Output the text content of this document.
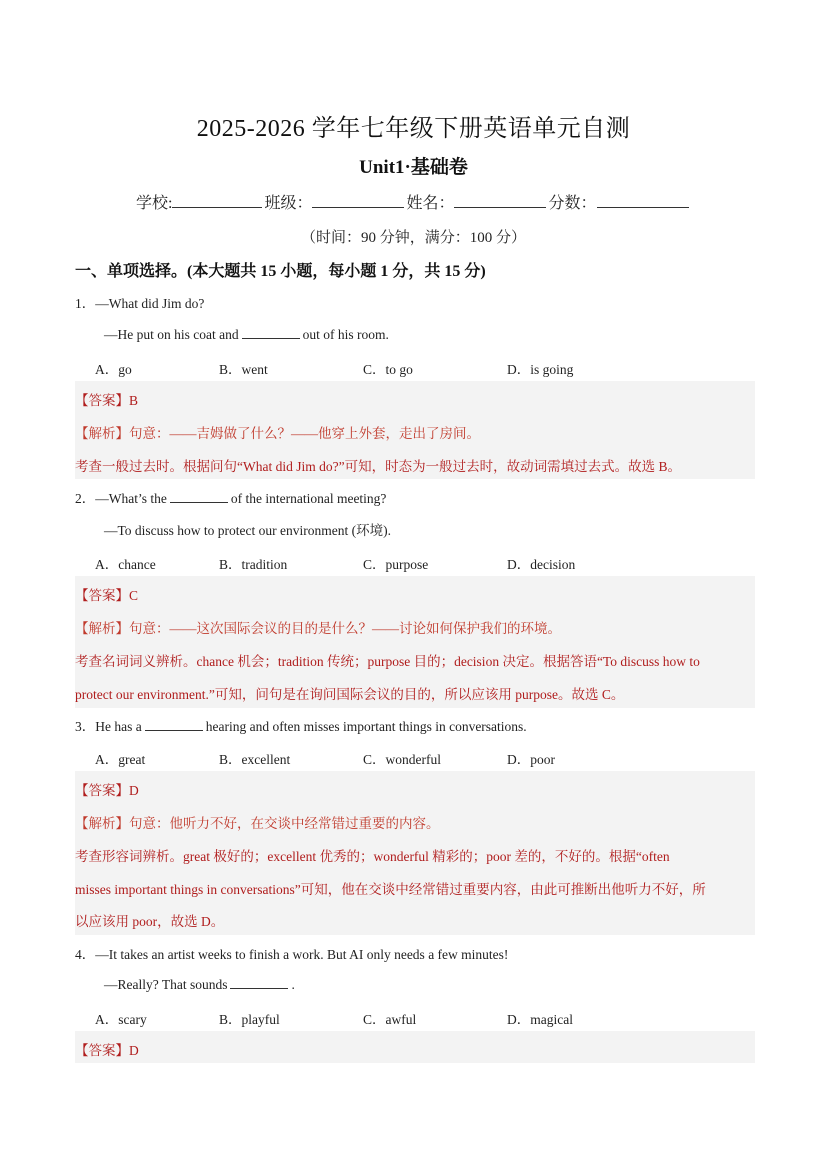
2025-2026 学年七年级下册英语单元自测
Unit1·基础卷
学校:	班级：	姓名：	分数：
（时间：90 分钟，满分：100 分）
一、单项选择。(本大题共 15 小题，每小题 1 分，共 15 分)
1．—What did Jim do?
—He put on his coat and	out of his room.
A．go	B．went	C．to go	D．is going
【答案】B
【解析】句意：——吉姆做了什么？——他穿上外套，走出了房间。
考查一般过去时。根据问句“What did Jim do?”可知，时态为一般过去时，故动词需填过去式。故选 B。
2．—What’s the	of the international meeting?
—To discuss how to protect our environment (环境).
A．chance	B．tradition	C．purpose	D．decision
【答案】C
【解析】句意：——这次国际会议的目的是什么？——讨论如何保护我们的环境。
考查名词词义辨析。chance 机会；tradition 传统；purpose 目的；decision 决定。根据答语“To discuss how to
protect our environment.”可知，问句是在询问国际会议的目的，所以应该用 purpose。故选 C。
3．He has a	hearing and often misses important things in conversations.
A．great	B．excellent	C．wonderful	D．poor
【答案】D
【解析】句意：他听力不好，在交谈中经常错过重要的内容。
考查形容词辨析。great 极好的；excellent 优秀的；wonderful 精彩的；poor 差的，不好的。根据“often
misses important things in conversations”可知，他在交谈中经常错过重要内容，由此可推断出他听力不好，所
以应该用 poor，故选 D。
4．—It takes an artist weeks to finish a work. But AI only needs a few minutes!
—Really? That sounds	.
A．scary	B．playful	C．awful	D．magical
【答案】D
